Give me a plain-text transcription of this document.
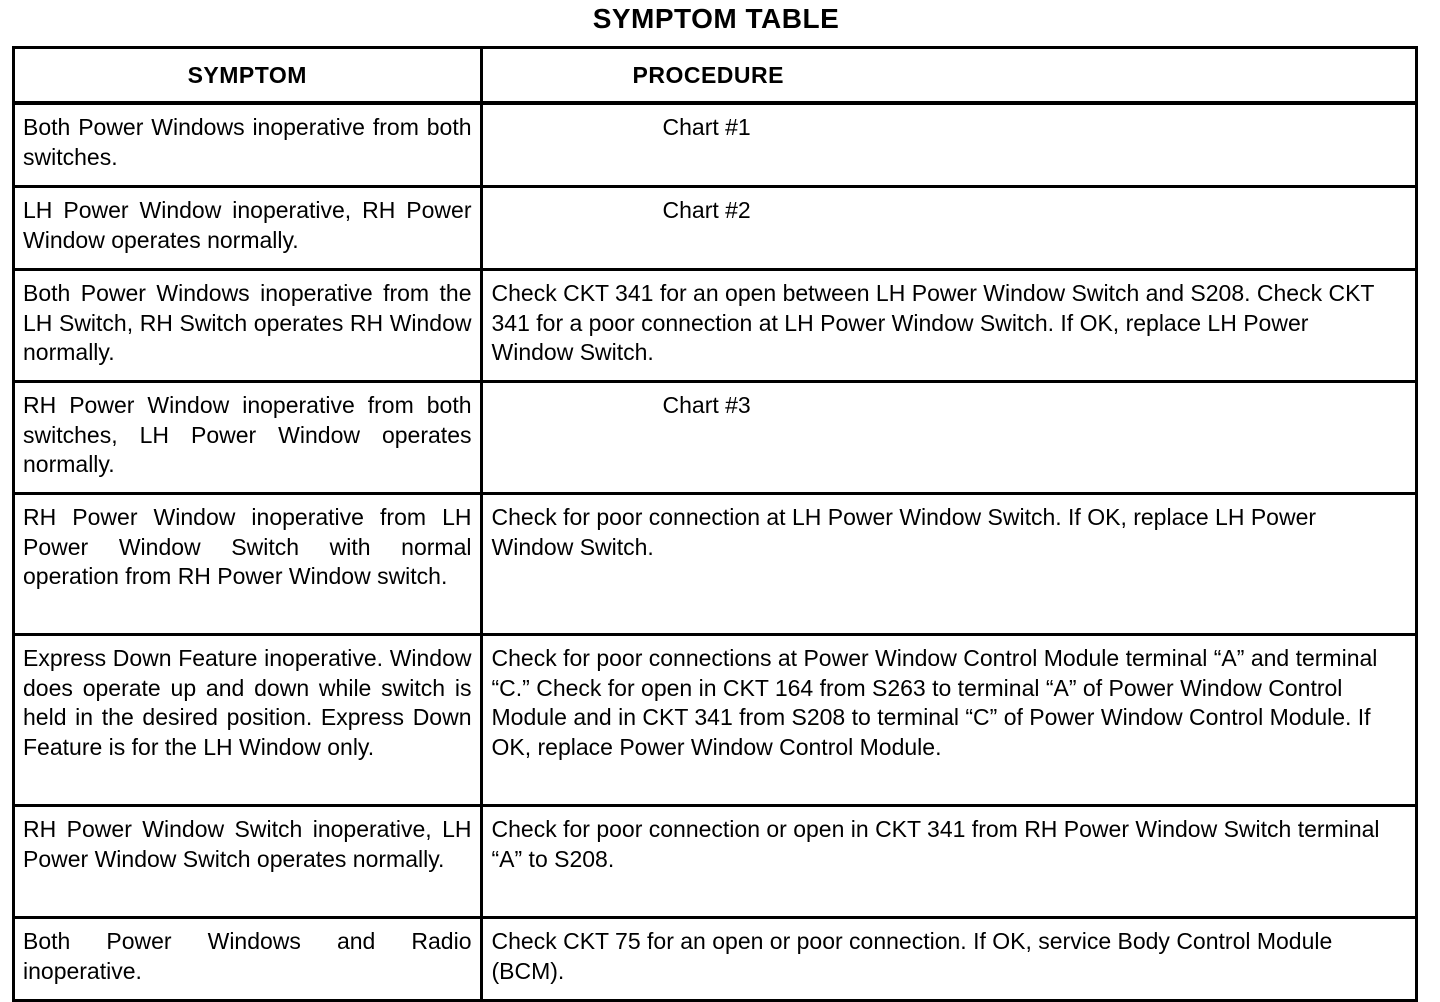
SYMPTOM TABLE
SYMPTOM	PROCEDURE
Both Power Windows inoperative from both switches.	Chart #1
LH Power Window inoperative, RH Power Window operates normally.	Chart #2
Both Power Windows inoperative from the LH Switch, RH Switch operates RH Window normally.	Check CKT 341 for an open between LH Power Window Switch and S208. Check CKT 341 for a poor connection at LH Power Window Switch. If OK, replace LH Power Window Switch.
RH Power Window inoperative from both switches, LH Power Window operates normally.	Chart #3
RH Power Window inoperative from LH Power Window Switch with normal operation from RH Power Window switch.	Check for poor connection at LH Power Window Switch. If OK, replace LH Power Window Switch.
Express Down Feature inoperative. Window does operate up and down while switch is held in the desired position. Express Down Feature is for the LH Window only.	Check for poor connections at Power Window Control Module terminal “A” and terminal “C.” Check for open in CKT 164 from S263 to terminal “A” of Power Window Control Module and in CKT 341 from S208 to terminal “C” of Power Window Control Module. If OK, replace Power Window Control Module.
RH Power Window Switch inoperative, LH Power Window Switch operates normally.	Check for poor connection or open in CKT 341 from RH Power Window Switch terminal “A” to S208.
Both Power Windows and Radio inoperative.	Check CKT 75 for an open or poor connection. If OK, service Body Control Module (BCM).
